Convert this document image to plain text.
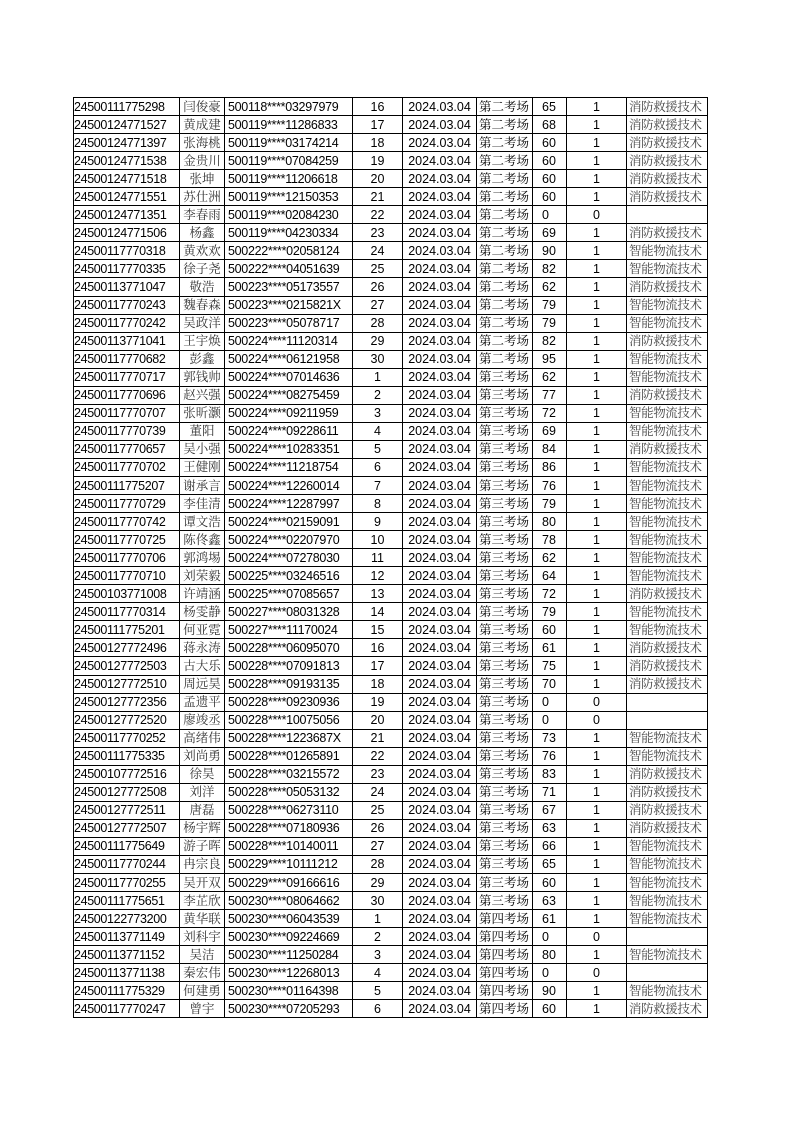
24500111775298	闫俊豪	500118****03297979	16	2024.03.04	第二考场	65	1	消防救援技术
24500124771527	黄成建	500119****11286833	17	2024.03.04	第二考场	68	1	消防救援技术
24500124771397	张海桃	500119****03174214	18	2024.03.04	第二考场	60	1	消防救援技术
24500124771538	金贵川	500119****07084259	19	2024.03.04	第二考场	60	1	消防救援技术
24500124771518	张坤	500119****11206618	20	2024.03.04	第二考场	60	1	消防救援技术
24500124771551	苏仕洲	500119****12150353	21	2024.03.04	第二考场	60	1	消防救援技术
24500124771351	李春雨	500119****02084230	22	2024.03.04	第二考场	0	0	
24500124771506	杨鑫	500119****04230334	23	2024.03.04	第二考场	69	1	消防救援技术
24500117770318	黄欢欢	500222****02058124	24	2024.03.04	第二考场	90	1	智能物流技术
24500117770335	徐子尧	500222****04051639	25	2024.03.04	第二考场	82	1	智能物流技术
24500113771047	敬浩	500223****05173557	26	2024.03.04	第二考场	62	1	消防救援技术
24500117770243	魏春森	500223****0215821X	27	2024.03.04	第二考场	79	1	智能物流技术
24500117770242	吴政洋	500223****05078717	28	2024.03.04	第二考场	79	1	智能物流技术
24500113771041	王宇焕	500224****11120314	29	2024.03.04	第二考场	82	1	消防救援技术
24500117770682	彭鑫	500224****06121958	30	2024.03.04	第二考场	95	1	智能物流技术
24500117770717	郭钱帅	500224****07014636	1	2024.03.04	第三考场	62	1	智能物流技术
24500117770696	赵兴强	500224****08275459	2	2024.03.04	第三考场	77	1	消防救援技术
24500117770707	张昕灏	500224****09211959	3	2024.03.04	第三考场	72	1	智能物流技术
24500117770739	董阳	500224****09228611	4	2024.03.04	第三考场	69	1	智能物流技术
24500117770657	吴小强	500224****10283351	5	2024.03.04	第三考场	84	1	消防救援技术
24500117770702	王健刚	500224****11218754	6	2024.03.04	第三考场	86	1	智能物流技术
24500111775207	谢承言	500224****12260014	7	2024.03.04	第三考场	76	1	智能物流技术
24500117770729	李佳清	500224****12287997	8	2024.03.04	第三考场	79	1	智能物流技术
24500117770742	谭文浩	500224****02159091	9	2024.03.04	第三考场	80	1	智能物流技术
24500117770725	陈佟鑫	500224****02207970	10	2024.03.04	第三考场	78	1	智能物流技术
24500117770706	郭鸿埸	500224****07278030	11	2024.03.04	第三考场	62	1	智能物流技术
24500117770710	刘荣毅	500225****03246516	12	2024.03.04	第三考场	64	1	智能物流技术
24500103771008	许靖涵	500225****07085657	13	2024.03.04	第三考场	72	1	消防救援技术
24500117770314	杨雯静	500227****08031328	14	2024.03.04	第三考场	79	1	智能物流技术
24500111775201	何亚霓	500227****11170024	15	2024.03.04	第三考场	60	1	智能物流技术
24500127772496	蒋永涛	500228****06095070	16	2024.03.04	第三考场	61	1	消防救援技术
24500127772503	古大乐	500228****07091813	17	2024.03.04	第三考场	75	1	消防救援技术
24500127772510	周远昊	500228****09193135	18	2024.03.04	第三考场	70	1	消防救援技术
24500127772356	孟遗平	500228****09230936	19	2024.03.04	第三考场	0	0	
24500127772520	廖竣丞	500228****10075056	20	2024.03.04	第三考场	0	0	
24500117770252	高绪伟	500228****1223687X	21	2024.03.04	第三考场	73	1	智能物流技术
24500111775335	刘尚勇	500228****01265891	22	2024.03.04	第三考场	76	1	智能物流技术
24500107772516	徐昊	500228****03215572	23	2024.03.04	第三考场	83	1	消防救援技术
24500127772508	刘洋	500228****05053132	24	2024.03.04	第三考场	71	1	消防救援技术
24500127772511	唐磊	500228****06273110	25	2024.03.04	第三考场	67	1	消防救援技术
24500127772507	杨宇辉	500228****07180936	26	2024.03.04	第三考场	63	1	消防救援技术
24500111775649	游子晖	500228****10140011	27	2024.03.04	第三考场	66	1	智能物流技术
24500117770244	冉宗良	500229****10111212	28	2024.03.04	第三考场	65	1	智能物流技术
24500117770255	吴开双	500229****09166616	29	2024.03.04	第三考场	60	1	智能物流技术
24500111775651	李芷欣	500230****08064662	30	2024.03.04	第三考场	63	1	智能物流技术
24500122773200	黄华联	500230****06043539	1	2024.03.04	第四考场	61	1	智能物流技术
24500113771149	刘科宇	500230****09224669	2	2024.03.04	第四考场	0	0	
24500113771152	吴洁	500230****11250284	3	2024.03.04	第四考场	80	1	智能物流技术
24500113771138	秦宏伟	500230****12268013	4	2024.03.04	第四考场	0	0	
24500111775329	何建勇	500230****01164398	5	2024.03.04	第四考场	90	1	智能物流技术
24500117770247	曾宇	500230****07205293	6	2024.03.04	第四考场	60	1	消防救援技术
